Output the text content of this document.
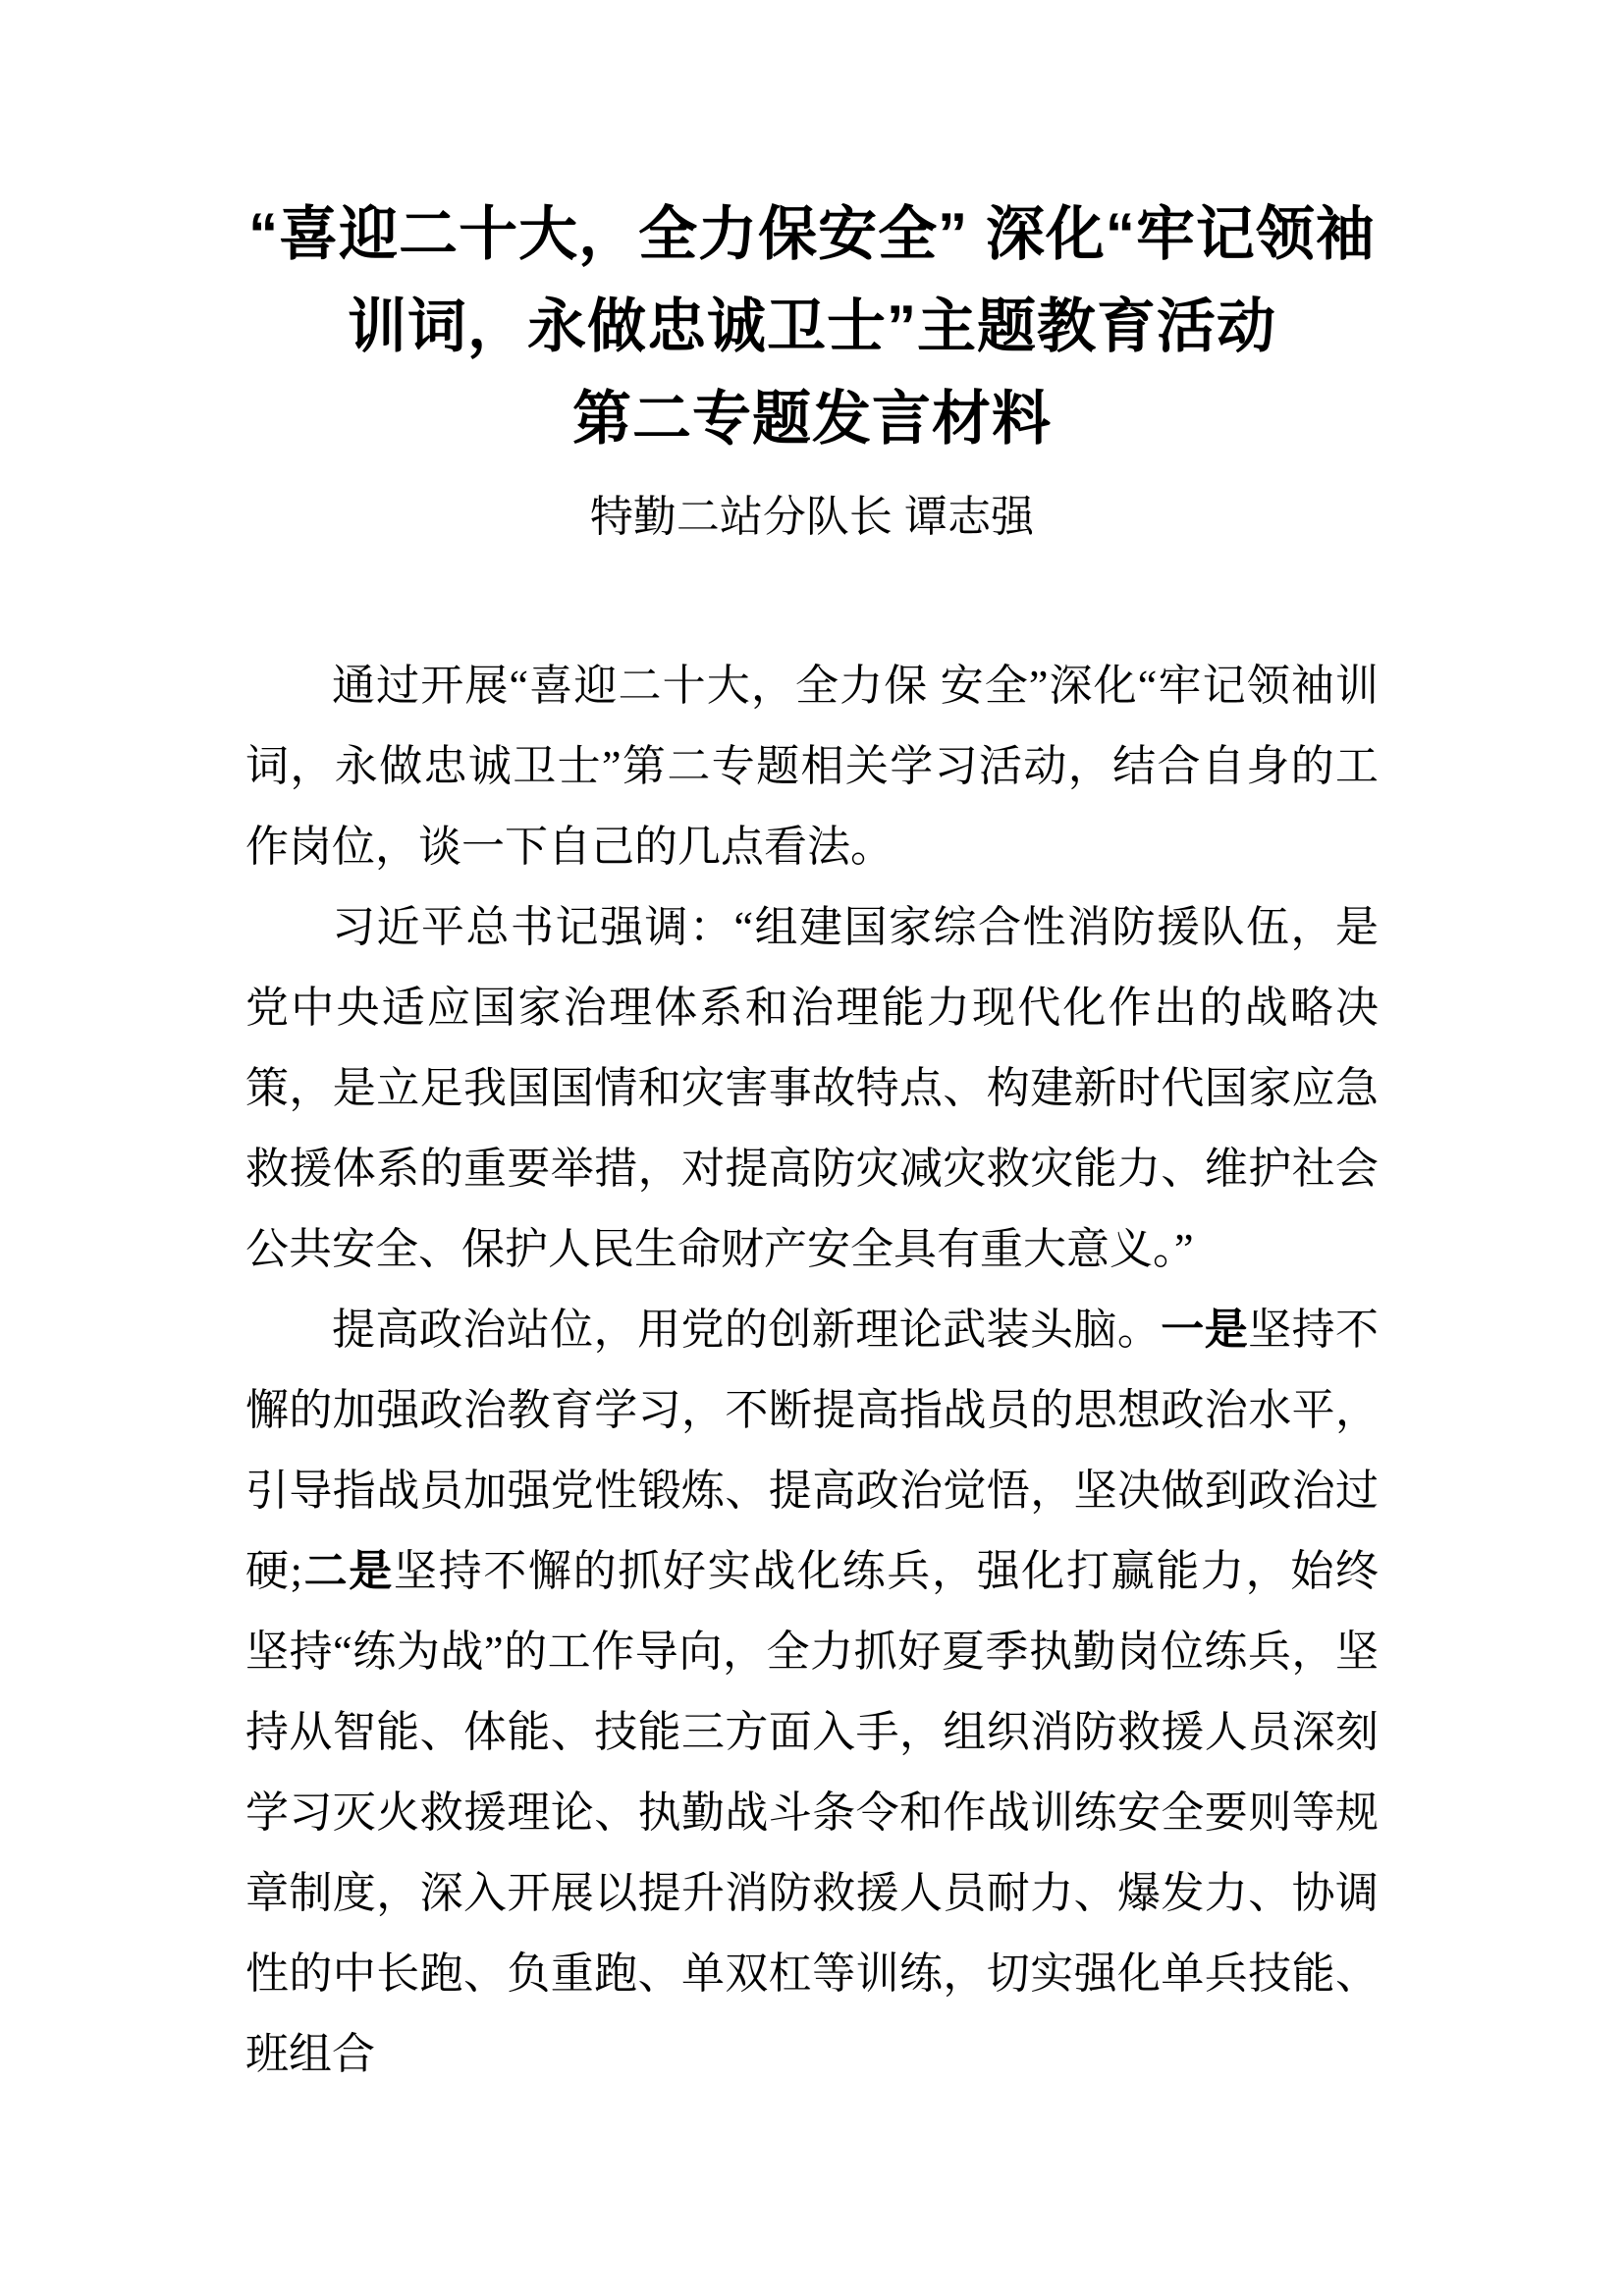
“喜迎二十大，全力保安全” 深化“牢记领袖
训词，永做忠诚卫士”主题教育活动
第二专题发言材料
特勤二站分队长 谭志强

通过开展“喜迎二十大，全力保 安全”深化“牢记领袖训词，永做忠诚卫士”第二专题相关学习活动，结合自身的工作岗位，谈一下自己的几点看法。

习近平总书记强调：“组建国家综合性消防援队伍，是党中央适应国家治理体系和治理能力现代化作出的战略决策，是立足我国国情和灾害事故特点、构建新时代国家应急救援体系的重要举措，对提高防灾减灾救灾能力、维护社会公共安全、保护人民生命财产安全具有重大意义。”

提高政治站位，用党的创新理论武装头脑。一是坚持不懈的加强政治教育学习，不断提高指战员的思想政治水平，引导指战员加强党性锻炼、提高政治觉悟，坚决做到政治过硬;二是坚持不懈的抓好实战化练兵，强化打赢能力，始终坚持“练为战”的工作导向，全力抓好夏季执勤岗位练兵，坚持从智能、体能、技能三方面入手，组织消防救援人员深刻学习灭火救援理论、执勤战斗条令和作战训练安全要则等规章制度，深入开展以提升消防救援人员耐力、爆发力、协调性的中长跑、负重跑、单双杠等训练，切实强化单兵技能、班组合
